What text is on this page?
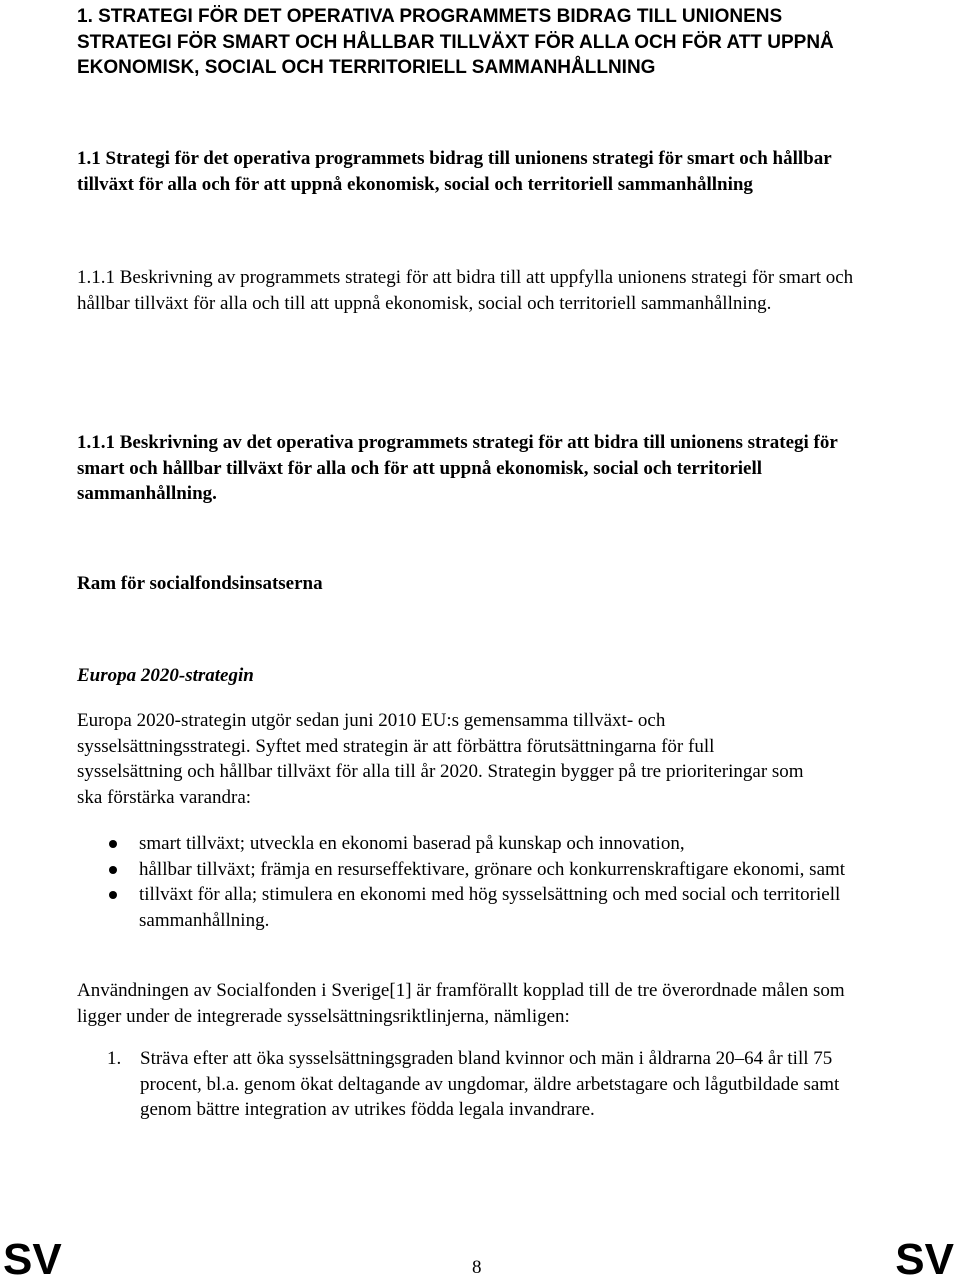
1. STRATEGI FÖR DET OPERATIVA PROGRAMMETS BIDRAG TILL UNIONENS STRATEGI FÖR SMART OCH HÅLLBAR TILLVÄXT FÖR ALLA OCH FÖR ATT UPPNÅ EKONOMISK, SOCIAL OCH TERRITORIELL SAMMANHÅLLNING

1.1 Strategi för det operativa programmets bidrag till unionens strategi för smart och hållbar tillväxt för alla och för att uppnå ekonomisk, social och territoriell sammanhållning

1.1.1 Beskrivning av programmets strategi för att bidra till att uppfylla unionens strategi för smart och hållbar tillväxt för alla och till att uppnå ekonomisk, social och territoriell sammanhållning.

1.1.1 Beskrivning av det operativa programmets strategi för att bidra till unionens strategi för smart och hållbar tillväxt för alla och för att uppnå ekonomisk, social och territoriell sammanhållning.

Ram för socialfondsinsatserna

Europa 2020-strategin

Europa 2020-strategin utgör sedan juni 2010 EU:s gemensamma tillväxt- och sysselsättningsstrategi. Syftet med strategin är att förbättra förutsättningarna för full sysselsättning och hållbar tillväxt för alla till år 2020. Strategin bygger på tre prioriteringar som ska förstärka varandra:

smart tillväxt; utveckla en ekonomi baserad på kunskap och innovation,
hållbar tillväxt; främja en resurseffektivare, grönare och konkurrenskraftigare ekonomi, samt
tillväxt för alla; stimulera en ekonomi med hög sysselsättning och med social och territoriell sammanhållning.

Användningen av Socialfonden i Sverige[1] är framförallt kopplad till de tre överordnade målen som ligger under de integrerade sysselsättningsriktlinjerna, nämligen:

1. Sträva efter att öka sysselsättningsgraden bland kvinnor och män i åldrarna 20–64 år till 75 procent, bl.a. genom ökat deltagande av ungdomar, äldre arbetstagare och lågutbildade samt genom bättre integration av utrikes födda legala invandrare.
SV	8	SV
